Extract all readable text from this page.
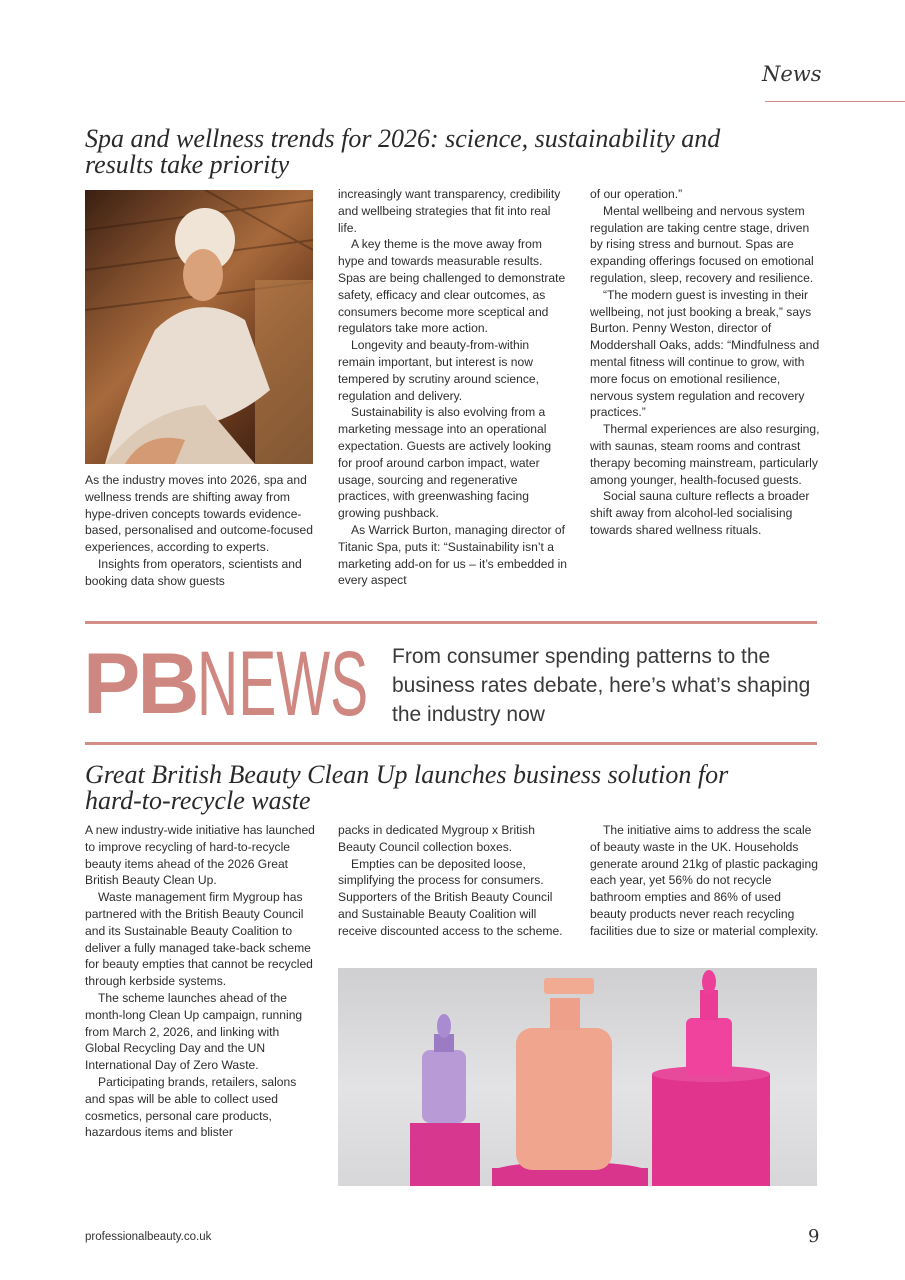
News
Spa and wellness trends for 2026: science, sustainability and results take priority

As the industry moves into 2026, spa and wellness trends are shifting away from hype-driven concepts towards evidence-based, personalised and outcome-focused experiences, according to experts.

Insights from operators, scientists and booking data show guests

increasingly want transparency, credibility and wellbeing strategies that fit into real life.

A key theme is the move away from hype and towards measurable results. Spas are being challenged to demonstrate safety, efficacy and clear outcomes, as consumers become more sceptical and regulators take more action.

Longevity and beauty-from-within remain important, but interest is now tempered by scrutiny around science, regulation and delivery.

Sustainability is also evolving from a marketing message into an operational expectation. Guests are actively looking for proof around carbon impact, water usage, sourcing and regenerative practices, with greenwashing facing growing pushback.

As Warrick Burton, managing director of Titanic Spa, puts it: “Sustainability isn’t a marketing add-on for us – it’s embedded in every aspect

of our operation.”

Mental wellbeing and nervous system regulation are taking centre stage, driven by rising stress and burnout. Spas are expanding offerings focused on emotional regulation, sleep, recovery and resilience.

“The modern guest is investing in their wellbeing, not just booking a break,” says Burton. Penny Weston, director of Moddershall Oaks, adds: “Mindfulness and mental fitness will continue to grow, with more focus on emotional resilience, nervous system regulation and recovery practices.”

Thermal experiences are also resurging, with saunas, steam rooms and contrast therapy becoming mainstream, particularly among younger, health-focused guests.

Social sauna culture reflects a broader shift away from alcohol-led socialising towards shared wellness rituals.

PB NEWS From consumer spending patterns to the business rates debate, here’s what’s shaping the industry now
Great British Beauty Clean Up launches business solution for hard-to-recycle waste

A new industry-wide initiative has launched to improve recycling of hard-to-recycle beauty items ahead of the 2026 Great British Beauty Clean Up.

Waste management firm Mygroup has partnered with the British Beauty Council and its Sustainable Beauty Coalition to deliver a fully managed take-back scheme for beauty empties that cannot be recycled through kerbside systems.

The scheme launches ahead of the month-long Clean Up campaign, running from March 2, 2026, and linking with Global Recycling Day and the UN International Day of Zero Waste.

Participating brands, retailers, salons and spas will be able to collect used cosmetics, personal care products, hazardous items and blister

packs in dedicated Mygroup x British Beauty Council collection boxes.

Empties can be deposited loose, simplifying the process for consumers. Supporters of the British Beauty Council and Sustainable Beauty Coalition will receive discounted access to the scheme.

The initiative aims to address the scale of beauty waste in the UK. Households generate around 21kg of plastic packaging each year, yet 56% do not recycle bathroom empties and 86% of used beauty products never reach recycling facilities due to size or material complexity.

professionalbeauty.co.uk	9
